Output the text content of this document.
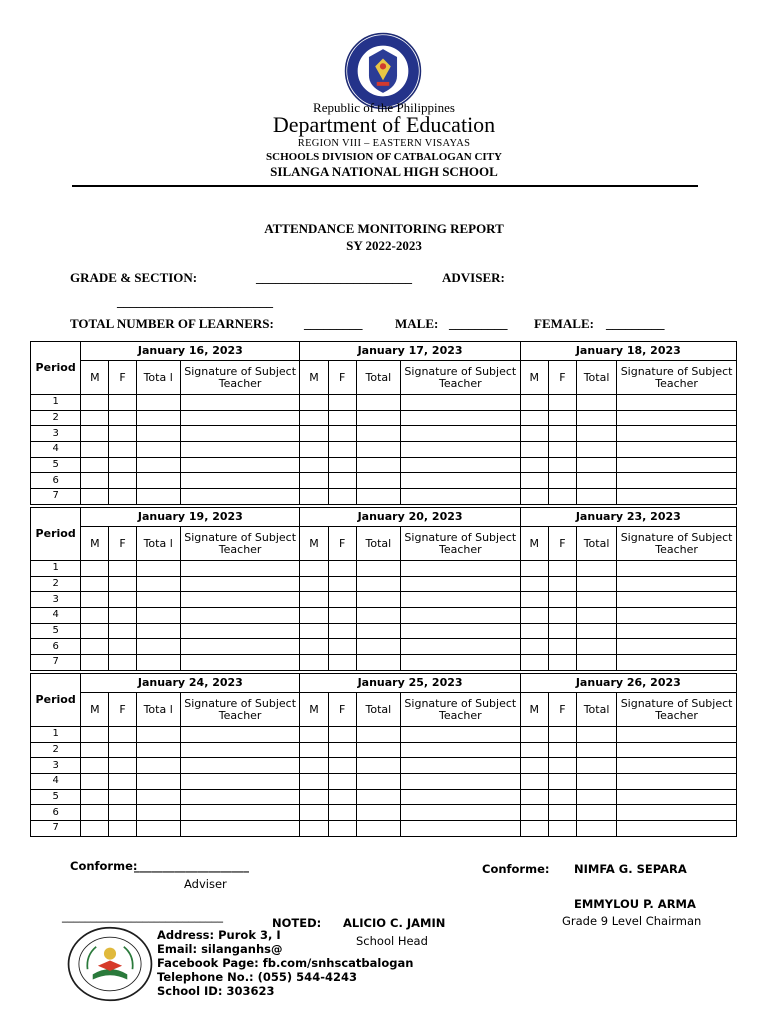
Republic of the Philippines
Department of Education
REGION VIII – EASTERN VISAYAS
SCHOOLS DIVISION OF CATBALOGAN CITY
SILANGA NATIONAL HIGH SCHOOL
ATTENDANCE MONITORING REPORT
SY 2022-2023
GRADE & SECTION:	________________________ ADVISER:
________________________
TOTAL NUMBER OF LEARNERS: _________	MALE: _________ FEMALE: _________
Period	January 16, 2023				January 17, 2023				January 18, 2023			
	M	F	Tota l	Signature of Subject Teacher	M	F	Total	Signature of Subject Teacher	M	F	Total	Signature of Subject Teacher
1												
2												
3												
4												
5												
6												
7												
Period	January 19, 2023				January 20, 2023				January 23, 2023			
	M	F	Tota l	Signature of Subject Teacher	M	F	Total	Signature of Subject Teacher	M	F	Total	Signature of Subject Teacher
1												
2												
3												
4												
5												
6												
7												
Period	January 24, 2023				January 25, 2023				January 26, 2023			
	M	F	Tota l	Signature of Subject Teacher	M	F	Total	Signature of Subject Teacher	M	F	Total	Signature of Subject Teacher
1												
2												
3												
4												
5												
6												
7												
Conforme:
____________________
Adviser
Conforme: NIMFA G. SEPARA
EMMYLOU P. ARMA
Grade 9 Level Chairman
____________________________	NOTED: ALICIO C. JAMIN
School Head
Address: Purok 3, I
Email: silanganhs@
Facebook Page: fb.com/snhscatbalogan
Telephone No.: (055) 544-4243
School ID: 303623
